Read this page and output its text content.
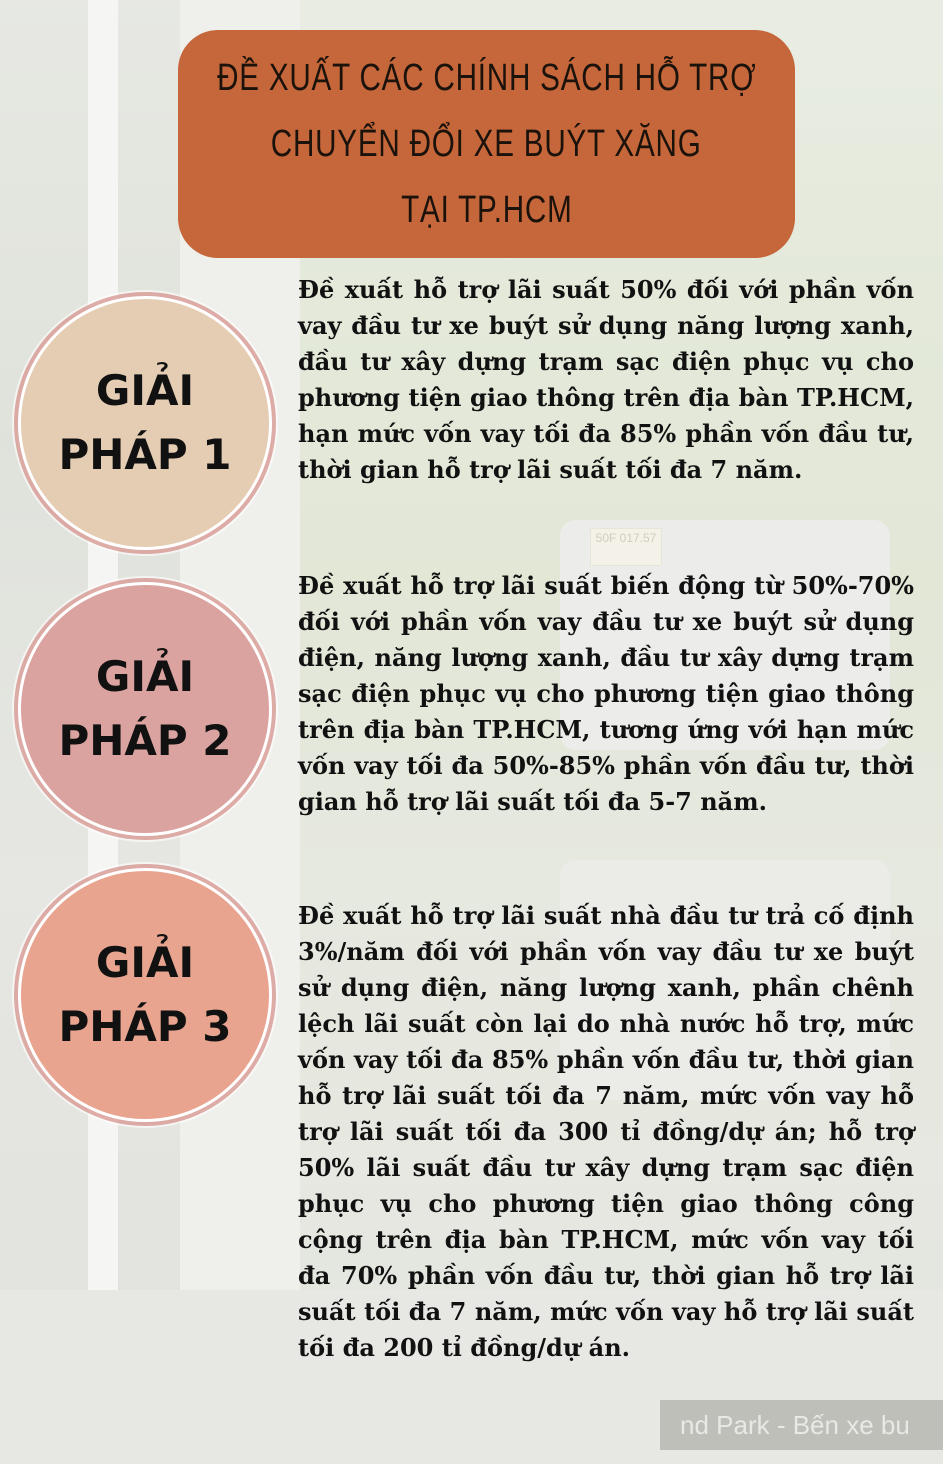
nd Park - Bến xe bu
ĐỀ XUẤT CÁC CHÍNH SÁCH HỖ TRỢ
CHUYỂN ĐỔI XE BUÝT XĂNG
TẠI TP.HCM
GIẢI
PHÁP 1
Đề xuất hỗ trợ lãi suất 50% đối với phần vốn vay đầu tư xe buýt sử dụng năng lượng xanh, đầu tư xây dựng trạm sạc điện phục vụ cho phương tiện giao thông trên địa bàn TP.HCM, hạn mức vốn vay tối đa 85% phần vốn đầu tư, thời gian hỗ trợ lãi suất tối đa 7 năm.
GIẢI
PHÁP 2
Đề xuất hỗ trợ lãi suất biến động từ 50%-70% đối với phần vốn vay đầu tư xe buýt sử dụng điện, năng lượng xanh, đầu tư xây dựng trạm sạc điện phục vụ cho phương tiện giao thông trên địa bàn TP.HCM, tương ứng với hạn mức vốn vay tối đa 50%-85% phần vốn đầu tư, thời gian hỗ trợ lãi suất tối đa 5-7 năm.
GIẢI
PHÁP 3
Đề xuất hỗ trợ lãi suất nhà đầu tư trả cố định 3%/năm đối với phần vốn vay đầu tư xe buýt sử dụng điện, năng lượng xanh, phần chênh lệch lãi suất còn lại do nhà nước hỗ trợ, mức vốn vay tối đa 85% phần vốn đầu tư, thời gian hỗ trợ lãi suất tối đa 7 năm, mức vốn vay hỗ trợ lãi suất tối đa 300 tỉ đồng/dự án; hỗ trợ 50% lãi suất đầu tư xây dựng trạm sạc điện phục vụ cho phương tiện giao thông công cộng trên địa bàn TP.HCM, mức vốn vay tối đa 70% phần vốn đầu tư, thời gian hỗ trợ lãi suất tối đa 7 năm, mức vốn vay hỗ trợ lãi suất tối đa 200 tỉ đồng/dự án.
